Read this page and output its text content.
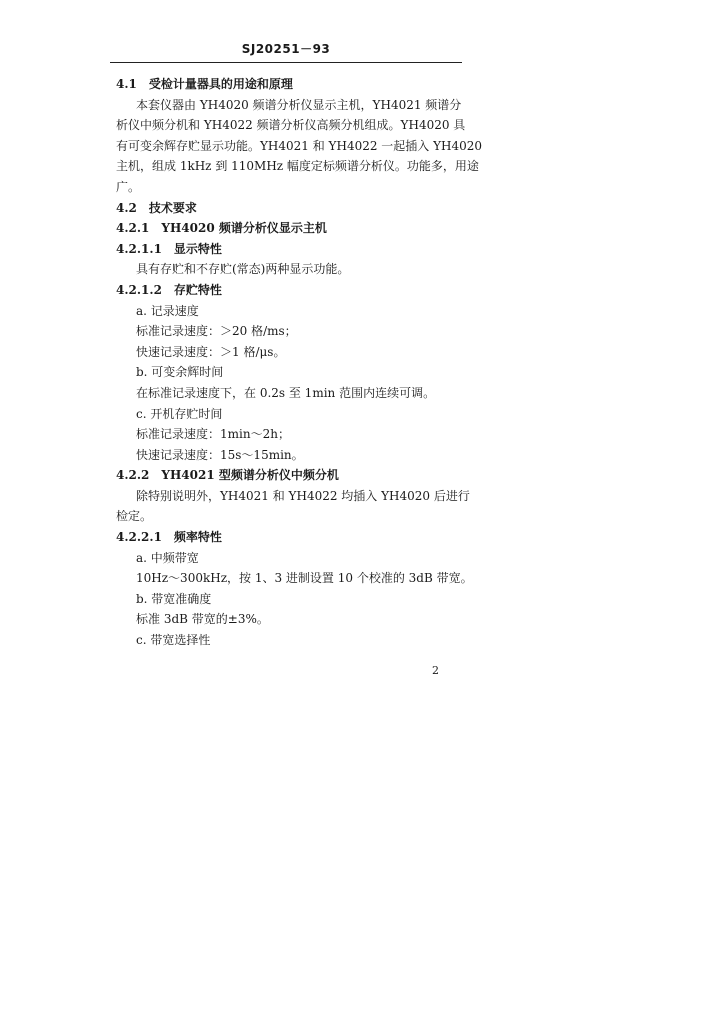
SJ20251－93
4.1　受检计量器具的用途和原理
本套仪器由 YH4020 频谱分析仪显示主机，YH4021 频谱分
析仪中频分机和 YH4022 频谱分析仪高频分机组成。YH4020 具
有可变余辉存贮显示功能。YH4021 和 YH4022 一起插入 YH4020
主机，组成 1kHz 到 110MHz 幅度定标频谱分析仪。功能多，用途
广。
4.2　技术要求
4.2.1　YH4020 频谱分析仪显示主机
4.2.1.1　显示特性
具有存贮和不存贮(常态)两种显示功能。
4.2.1.2　存贮特性
a. 记录速度
标准记录速度：＞20 格/ms；
快速记录速度：＞1 格/μs。
b. 可变余辉时间
在标准记录速度下，在 0.2s 至 1min 范围内连续可调。
c. 开机存贮时间
标准记录速度：1min～2h；
快速记录速度：15s～15min。
4.2.2　YH4021 型频谱分析仪中频分机
除特别说明外，YH4021 和 YH4022 均插入 YH4020 后进行
检定。
4.2.2.1　频率特性
a. 中频带宽
10Hz～300kHz，按 1、3 进制设置 10 个校准的 3dB 带宽。
b. 带宽准确度
标准 3dB 带宽的±3%。
c. 带宽选择性
2
